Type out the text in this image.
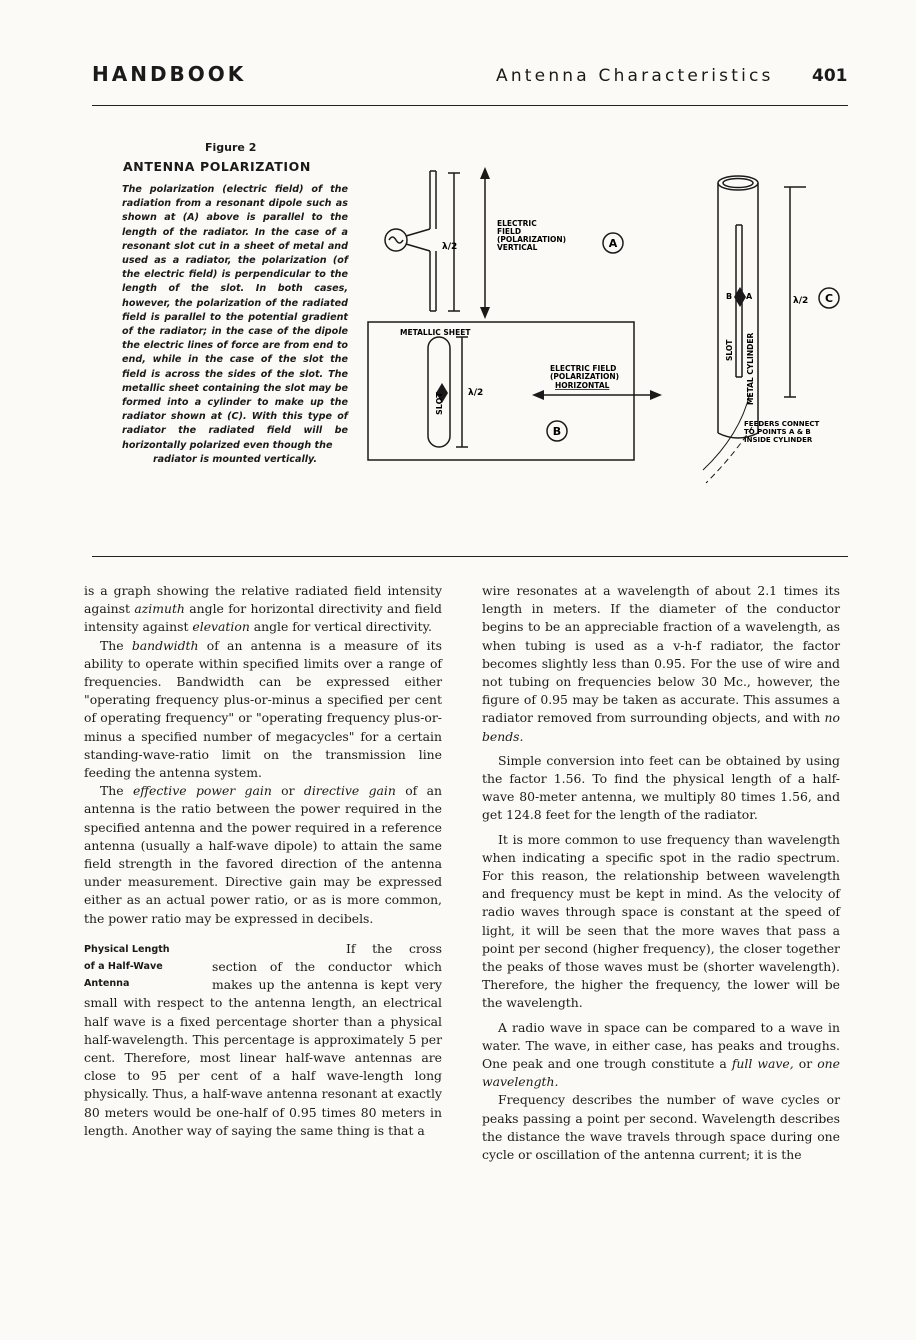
HANDBOOK	Antenna Characteristics 401
Figure 2
ANTENNA POLARIZATION
The polarization (electric field) of the radiation from a resonant dipole such as shown at (A) above is parallel to the length of the radiator. In the case of a resonant slot cut in a sheet of metal and used as a radiator, the polarization (of the electric field) is perpendicular to the length of the slot. In both cases, however, the polarization of the radiated field is parallel to the potential gradient of the radiator; in the case of the dipole the electric lines of force are from end to end, while in the case of the slot the field is across the sides of the slot. The metallic sheet containing the slot may be formed into a cylinder to make up the radiator shown at (C). With this type of radiator the radiated field will be horizontally polarized even though the
radiator is mounted vertically.
ELECTRIC
FIELD
(POLARIZATION)
VERTICAL	A
λ/2
METALLIC SHEET
SLOT	λ/2
ELECTRIC FIELD
(POLARIZATION)
HORIZONTAL
B
C
B A
SLOT METAL CYLINDER
λ/2
FEEDERS CONNECT
TO POINTS A & B
INSIDE CYLINDER

is a graph showing the relative radiated field intensity against azimuth angle for horizontal directivity and field intensity against elevation angle for vertical directivity.

The bandwidth of an antenna is a measure of its ability to operate within specified limits over a range of frequencies. Bandwidth can be expressed either "operating frequency plus-or-minus a specified per cent of operating frequency" or "operating frequency plus-or-minus a specified number of megacycles" for a certain standing-wave-ratio limit on the transmission line feeding the antenna system.

The effective power gain or directive gain of an antenna is the ratio between the power required in the specified antenna and the power required in a reference antenna (usually a half-wave dipole) to attain the same field strength in the favored direction of the antenna under measurement. Directive gain may be expressed either as an actual power ratio, or as is more common, the power ratio may be expressed in decibels.

Physical Length
of a Half-Wave
Antenna

If the cross section of the conductor which makes up the antenna is kept very small with respect to the antenna length, an electrical half wave is a fixed percentage shorter than a physical half-wavelength. This percentage is approximately 5 per cent. Therefore, most linear half-wave antennas are close to 95 per cent of a half wave-length long physically. Thus, a half-wave antenna resonant at exactly 80 meters would be one-half of 0.95 times 80 meters in length. Another way of saying the same thing is that a

wire resonates at a wavelength of about 2.1 times its length in meters. If the diameter of the conductor begins to be an appreciable fraction of a wavelength, as when tubing is used as a v-h-f radiator, the factor becomes slightly less than 0.95. For the use of wire and not tubing on frequencies below 30 Mc., however, the figure of 0.95 may be taken as accurate. This assumes a radiator removed from surrounding objects, and with no bends.

Simple conversion into feet can be obtained by using the factor 1.56. To find the physical length of a half-wave 80-meter antenna, we multiply 80 times 1.56, and get 124.8 feet for the length of the radiator.

It is more common to use frequency than wavelength when indicating a specific spot in the radio spectrum. For this reason, the relationship between wavelength and frequency must be kept in mind. As the velocity of radio waves through space is constant at the speed of light, it will be seen that the more waves that pass a point per second (higher frequency), the closer together the peaks of those waves must be (shorter wavelength). Therefore, the higher the frequency, the lower will be the wavelength.

A radio wave in space can be compared to a wave in water. The wave, in either case, has peaks and troughs. One peak and one trough constitute a full wave, or one wavelength.

Frequency describes the number of wave cycles or peaks passing a point per second. Wavelength describes the distance the wave travels through space during one cycle or oscillation of the antenna current; it is the
